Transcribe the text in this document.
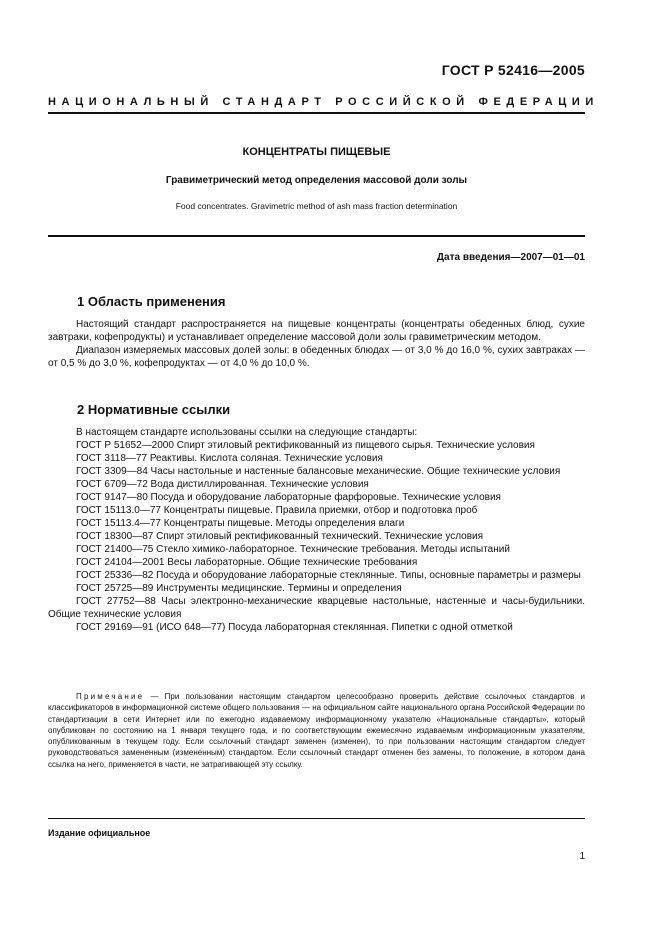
ГОСТ Р 52416—2005
НАЦИОНАЛЬНЫЙ СТАНДАРТ РОССИЙСКОЙ ФЕДЕРАЦИИ
КОНЦЕНТРАТЫ ПИЩЕВЫЕ
Гравиметрический метод определения массовой доли золы
Food concentrates. Gravimetric method of ash mass fraction determination
Дата введения—2007—01—01
1 Область применения

Настоящий стандарт распространяется на пищевые концентраты (концентраты обеденных блюд, сухие завтраки, кофепродукты) и устанавливает определение массовой доли золы гравиметрическим методом.

Диапазон измеряемых массовых долей золы: в обеденных блюдах — от 3,0 % до 16,0 %, сухих завтраках — от 0,5 % до 3,0 %, кофепродуктах — от 4,0 % до 10,0 %.

2 Нормативные ссылки

В настоящем стандарте использованы ссылки на следующие стандарты:

ГОСТ Р 51652—2000 Спирт этиловый ректификованный из пищевого сырья. Технические условия

ГОСТ 3118—77 Реактивы. Кислота соляная. Технические условия

ГОСТ 3309—84 Часы настольные и настенные балансовые механические. Общие технические условия

ГОСТ 6709—72 Вода дистиллированная. Технические условия

ГОСТ 9147—80 Посуда и оборудование лабораторные фарфоровые. Технические условия

ГОСТ 15113.0—77 Концентраты пищевые. Правила приемки, отбор и подготовка проб

ГОСТ 15113.4—77 Концентраты пищевые. Методы определения влаги

ГОСТ 18300—87 Спирт этиловый ректификованный технический. Технические условия

ГОСТ 21400—75 Стекло химико-лабораторное. Технические требования. Методы испытаний

ГОСТ 24104—2001 Весы лабораторные. Общие технические требования

ГОСТ 25336—82 Посуда и оборудование лабораторные стеклянные. Типы, основные параметры и размеры

ГОСТ 25725—89 Инструменты медицинские. Термины и определения

ГОСТ 27752—88 Часы электронно-механические кварцевые настольные, настенные и часы-будильники. Общие технические условия

ГОСТ 29169—91 (ИСО 648—77) Посуда лабораторная стеклянная. Пипетки с одной отметкой

Примечание — При пользовании настоящим стандартом целесообразно проверить действие ссылочных стандартов и классификаторов в информационной системе общего пользования — на официальном сайте национального органа Российской Федерации по стандартизации в сети Интернет или по ежегодно издаваемому информационному указателю «Национальные стандарты», который опубликован по состоянию на 1 января текущего года, и по соответствующим ежемесячно издаваемым информационным указателям, опубликованным в текущем году. Если ссылочный стандарт заменен (изменен), то при пользовании настоящим стандартом следует руководствоваться замененным (измененным) стандартом. Если ссылочный стандарт отменен без замены, то положение, в котором дана ссылка на него, применяется в части, не затрагивающей эту ссылку.

Издание официальное
1
